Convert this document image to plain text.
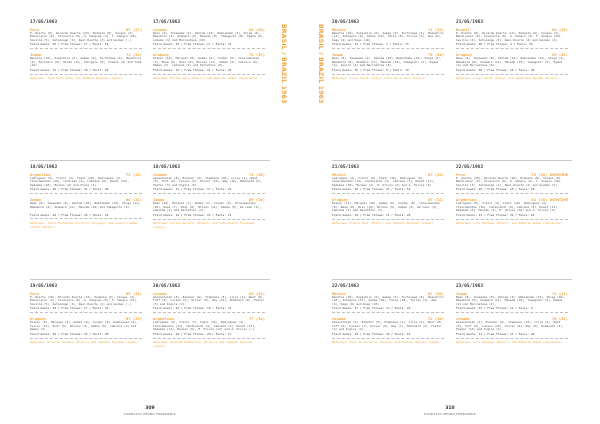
BRASIL / BRAZIL 1963
17/05/1963
Peru	67 (27)
E. Duarte (8), Ricardo Duarte (10), Podesta (8), Vargas (4), Benalcazar (6), Chiarella (6), A. Sangiao (4), T. Sangio (10), Sevilla (5), Sotolongo (4), Raul Duarte (2) and Guzman (-).
Field Goals: 25 / Free Throws: 17 / Fouls: 19
Japan	72 (34)
Nenotia (10), Osakihiro (6), Gomeo (6), Fuchizawa (4), Okasihiro (6), Kurihara (9), Ukima (11), Ishigoro (8), Funato (2) and Yoda (10).
Field Goals: 31 / Free Throws: 10 / Fouls: 19
Referees: Jack Fork (USA) and Takeshi Motones (Japan).
18/05/1963
Argentina	73 (34)
Lodreguez (4), Traill (4), Tosti (10), Dominguez (4), Chiaramontes (16), Cardiosa (4), Labiana (6), Roset (14), Dedomas (10), Monzon (2) and Olaro (3).
Field Goals: 26 / Free Throws: 21 / Fouls: 20
Japan	68 (31)
Nasu (6), Tazawako (6), Oshima (10), Wabishamu (12), Shiga (11), Nakamura (4), Okamara (11), Masuda (10) and Yamaguchi (4).
Field Goals: 26 / Free Throws: 16 / Fouls: 23
Referees: Jolio Fernandez Portillo (Uruguay) and Leandro Gomez Cortez (Brazil).
19/05/1963
Peru	65 (31)
E. Duarte (10), Ricardo Duarte (12), Podesta (6), Vargas (4), Benalcazar (4), Chiarella (6), A. Sangiao (6), T. Sangio (12), Sevilla (5), Sotolongo (4), Raul Duarte (4) and Guzman (-).
Field Goals: 24 / Free Throws: 17 / Fouls: 22
Uruguay	67 (29)
Plauer (8), Marquez (9), Gomez (8), Cunder (6), Dominguez (4), Ferrer (12), Rial (6), Blixen (4), Gadea (6), Cabrera (4) and Ramos (2).
Field Goals: 26 / Free Throws: 15 / Fouls: 20
Referees: Orlando Talzano (Brazil) and Takeshi Fonsboa (Japan).
17/05/1963
Canada	64 (30)
Rein (4), Tazawako (2), Oshima (12), Wabishamu (4), Shiga (6), Nakamura (4), Okamara (2), Masuda (8), Yamaguchi (8), Egawa (6), Limome (4) and Morinatuse (10).
Field Goals: 23 / Free Throws: 17 / Fouls: 27
Uruguay	72 (33)
Plauer (10), Marquez (8), Gomez (6), Cunder (6), Chiaramontes (2), Rosa (6), Rial (8), Blixen (11), Gadea (4), Cabrera (6), Ramos (2), Labiana (4) and Deltafior (6).
Field Goals: 24 / Free Throws: 21 / Fouls: 23
Referees: Milton Agra (Brazil) and Roberto Gomez (Venezuela).
18/05/1963
Canada	73 (38)
Galandrolph (8), Blacker (4), Stephens (10), Lilje (4), West (6), Tuff (6), Larson (5), Oliver (10), Way (16), McDonald (6), Foster (3) and Inglis (5).
Field Goals: 31 / Free Throws: 17 / Fouls: 21
Japan	69 (36)
Nasu (14), Marquez (7), Gomez (7), Cunder (6), Chiaramontes (10), Rosa (7), Rial (8), Blixen (11), Gadea (5), De Leon (4), Labiana (4) and Deltafior (3).
Field Goals: 24 / Free Throws: 21 / Fouls: 21
Referees: Carlos Guzetti (Brazil) and Tatsuhyoshi Furukawa (Japan).
20/05/1963
Canada	63 (31)
Galandrolph (8), Blacker (6), Stephens (8), Lilje (4), West (6), Tuff (8), Larson (5), Oliver (8), Way (16), McDonald (6), Foster (5) and Inglis (2).
Field Goals: 24 / Free Throws: 19 / Fouls: 27
Argentina	77 (34)
Lodreguez (2), Traill (7), Tosti (12), Dominguez (4), Chiaramontes (11), Condorandi (4), Labiana (6), Roset (11), Dedomas (11), Monzon (5), H. Olivia (12) and A. Olivia (-).
Field Goals: 24 / Free Throws: 29 / Fouls: 17
Referees: Oswaldo Dedominizi (Brazil) and Takeshi Motones (Japan).
309
FUNDACIÓ PEDRO FERRÁNDIZ
BRASIL / BRAZIL 1963
20/05/1963
Mexico	71 (33)
Nenotia (10), Osakihiro (6), Gomeo (6), Fuchizawa (4), Okasihiro (11), Ishigoro (6), Gadea (10), Falla (8), Torres (1), Zwa (6), Vega (6) and Rugo (10).
Field Goals: 32 / Free Throws: 7 / Fouls: 15
Japan	78 (34)
Nasu (8), Tazawako (2), Oshima (12), Wabishamu (12), Shiga (2), Nakamura (8), Okamara (11), Masuda (10), Yamaguchi (4), Egawa (4), Ansiro (4) and Morinatuse (6).
Field Goals: 35 / Free Throws: 8 / Fouls: 19
Referees: Luigi Conda (Italy) and Franco Cost (Brazil).
21/05/1963
Mexico	67 (34)
Lodreguez (4), Traill (6), Tosti (10), Dominguez (6), Chiaramontes (14), Condorandi (4), Labiana (4), Roset (11), Dedomas (10), Monzon (2), H. Olivia (2) and A. Olivia (6).
Field Goals: 26 / Free Throws: 27 / Fouls: 16
Uruguay	65 (32)
Plauer (12), Marquez (10), Gomez (6), Cunder (6), Chiaramontes (6), Rosa (8), Rial (12), Blixen (9), Gadea (4), De Leon (4), Labiana (4) and Deltafior (3).
Field Goals: 24 / Free Throws: 15 / Fouls: 29
Referees: Franco Cost (Brazil) and Takeshi Motones (Japan).
22/05/1963
Mexico	67 (30)
Nenotia (10), Osakihiro (6), Gomeo (6), Fuchizawa (6), Okasihiro (10), Ishigoro (11), Gadea (10), Falla (10), Torres (1), Zwa (6), Vega (6) and Rugo (10).
Field Goals: 27 / Free Throws: 13 / Fouls: 22
Canada	72 (30)
Galandrolph (6), Blacker (5), Stephens (4), Lilje (4), West (8), Tuff (6), Larson (7), Oliver (8), Way (7), McDonald (4), Foster (4) and Inglis (4).
Field Goals: 29 / Free Throws: 10 / Fouls: 15
Referees: Jose de Oliveira (Brazil) and Toshiki Motosu (Japan).
21/05/1963
Brazil	84 (45)
E. Duarte (8), Ricardo Duarte (12), Podesta (6), Vargas (4), Benalcazar (6), Chiarella (6), A. Sangio (4), T. Sangio (10), Sevilla (5), Sotolongo (4), Raul Duarte (4) and Guzman (4).
Field Goals: 40 / Free Throws: 4 / Fouls: 24
Uruguay	59 (31)
Nasu (8), Tazawako (8), Oshima (12), Wabishamu (12), Shiga (2), Nakamura (8), Okamara (11), Masuda (10), Yamaguchi (2), Egawa (4) and Morinatuse (6).
Field Goals: 20 / Free Throws: 19 / Fouls: 26
Referees: Luigi Conda (Italy) and Agostinho Galvão (Brazil).
22/05/1963
Peru	79 (38) OVERTIME
E. Duarte (10), Ricardo Duarte (10), Podesta (8), Vargas (6), Benalcazar (6), Chiarella (6), A. Sangio (4), T. Sangio (10), Sevilla (5), Sotolongo (4), Raul Duarte (2) and Guzman (5).
Field Goals: 26 / Free Throws: 16 / Fouls: 18
Argentina	84 (35) OVERTIME
Lodreguez (6), Traill (4), Tosti (10), Dominguez (4), Chiaramontes (16), Condorandi (4), Labiana (6), Roset (11), Dedomas (6), Monzon (4), H. Olivia (10) and A. Olivia (3).
Field Goals: 31 / Free Throws: 22 / Fouls: 16
Referees: Luiz Marques (Brazil) and Roberto Gomez (Venezuela).
23/05/1963
Japan	74 (41)
Nasu (8), Tazawako (8), Oshima (6), Wabishamu (12), Shiga (10), Nakamura (6), Okamara (11), Masuda (10), Yamaguchi (6), Egawa (2) and Morinatuse (4).
Field Goals: 31 / Free Throws: 12 / Fouls: 9
Canada	70 (32)
Galandrolph (2), Blacker (6), Stephens (12), Lilje (4), West (6), Tuff (6), Larson (10), Oliver (8), Way (6), McDonald (4), Foster (10) and Inglis (4).
Field Goals: 31 / Free Throws: 11 / Fouls: 20
Referees: Luiz Marques (Brazil) and Roberto Gomez (Venezuela).
310
FUNDACIÓ PEDRO FERRÁNDIZ
